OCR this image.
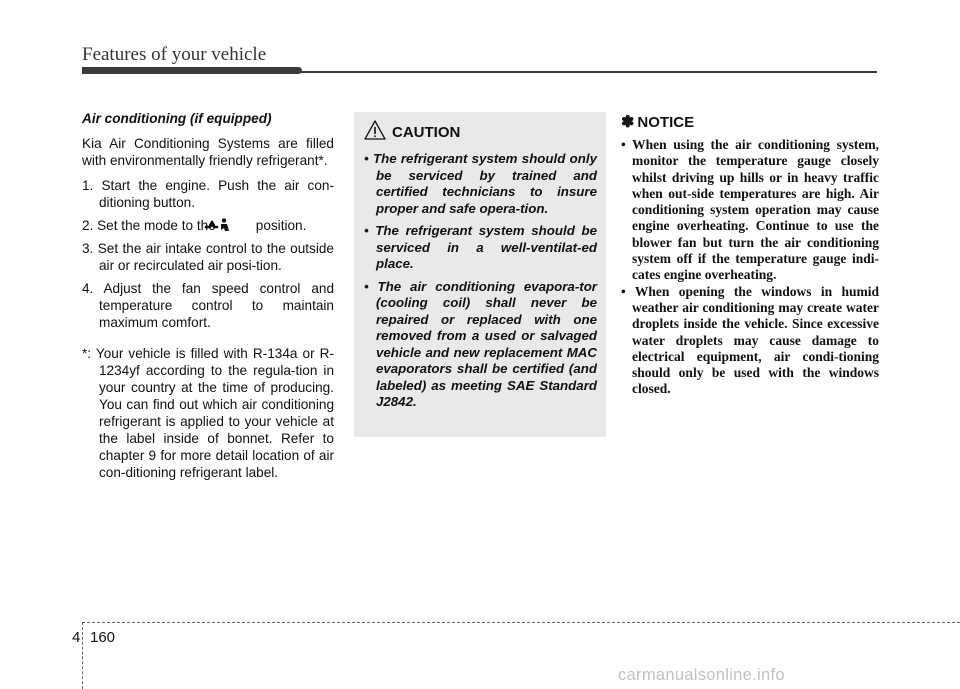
Features of your vehicle

Air conditioning (if equipped)

Kia Air Conditioning Systems are filled with environmentally friendly refrigerant*.

1. Start the engine. Push the air con-ditioning button.
2. Set the mode to the	position.
3. Set the air intake control to the outside air or recirculated air posi-tion.
4. Adjust the fan speed control and temperature control to maintain maximum comfort.

*: Your vehicle is filled with R-134a or R-1234yf according to the regula-tion in your country at the time of producing. You can find out which air conditioning refrigerant is applied to your vehicle at the label inside of bonnet. Refer to chapter 9 for more detail location of air con-ditioning refrigerant label.

CAUTION
• The refrigerant system should only be serviced by trained and certified technicians to insure proper and safe opera-tion.
• The refrigerant system should be serviced in a well-ventilat-ed place.
• The air conditioning evapora-tor (cooling coil) shall never be repaired or replaced with one removed from a used or salvaged vehicle and new replacement MAC evaporators shall be certified (and labeled) as meeting SAE Standard J2842.
✽ NOTICE
• When using the air conditioning system, monitor the temperature gauge closely whilst driving up hills or in heavy traffic when out-side temperatures are high. Air conditioning system operation may cause engine overheating. Continue to use the blower fan but turn the air conditioning system off if the temperature gauge indi-cates engine overheating.
• When opening the windows in humid weather air conditioning may create water droplets inside the vehicle. Since excessive water droplets may cause damage to electrical equipment, air condi-tioning should only be used with the windows closed.
4 160
carmanualsonline.info
